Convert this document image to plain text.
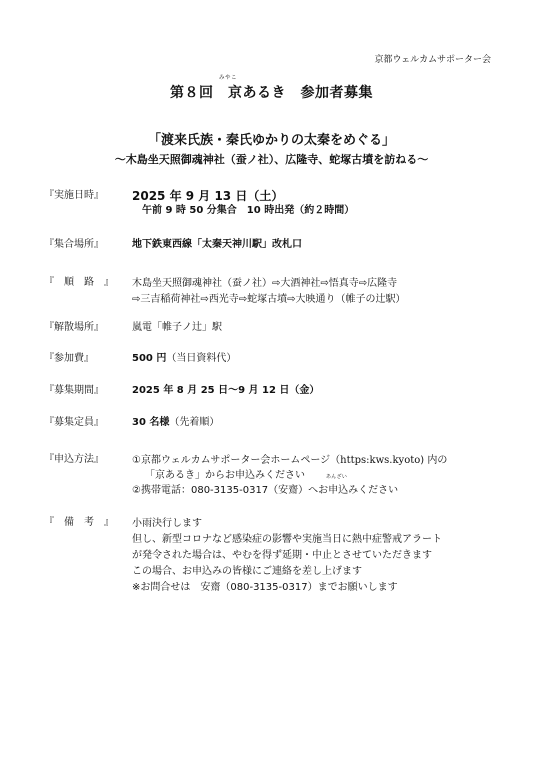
京都ウェルカムサポーター会
みやこ
第８回　京あるき　参加者募集
「渡来氏族・秦氏ゆかりの太秦をめぐる」
～木島坐天照御魂神社（蚕ノ社）、広隆寺、蛇塚古墳を訪ねる～
『実施日時』	2025 年 9 月 13 日（土）
午前 9 時 50 分集合　10 時出発（約２時間）
『集合場所』	地下鉄東西線「太秦天神川駅」改札口
『　順　路　』	木島坐天照御魂神社（蚕ノ社）⇨大酒神社⇨悟真寺⇨広隆寺
⇨三吉稲荷神社⇨西光寺⇨蛇塚古墳⇨大映通り（帷子の辻駅）
『解散場所』	嵐電「帷子ノ辻」駅
『参加費』	500 円（当日資料代）
『募集期間』	2025 年 8 月 25 日～9 月 12 日（金）
『募集定員』	30 名様（先着順）
『申込方法』	①京都ウェルカムサポーター会ホームページ（https:kws.kyoto) 内の
「京あるき」からお申込みください
②携帯電話：080-3135-0317（安齋）へお申込みください
あんざい
『　備　考　』	小雨決行します
但し、新型コロナなど感染症の影響や実施当日に熱中症警戒アラート
が発令された場合は、やむを得ず延期・中止とさせていただきます
この場合、お申込みの皆様にご連絡を差し上げます
※お問合せは　安齋（080-3135-0317）までお願いします
